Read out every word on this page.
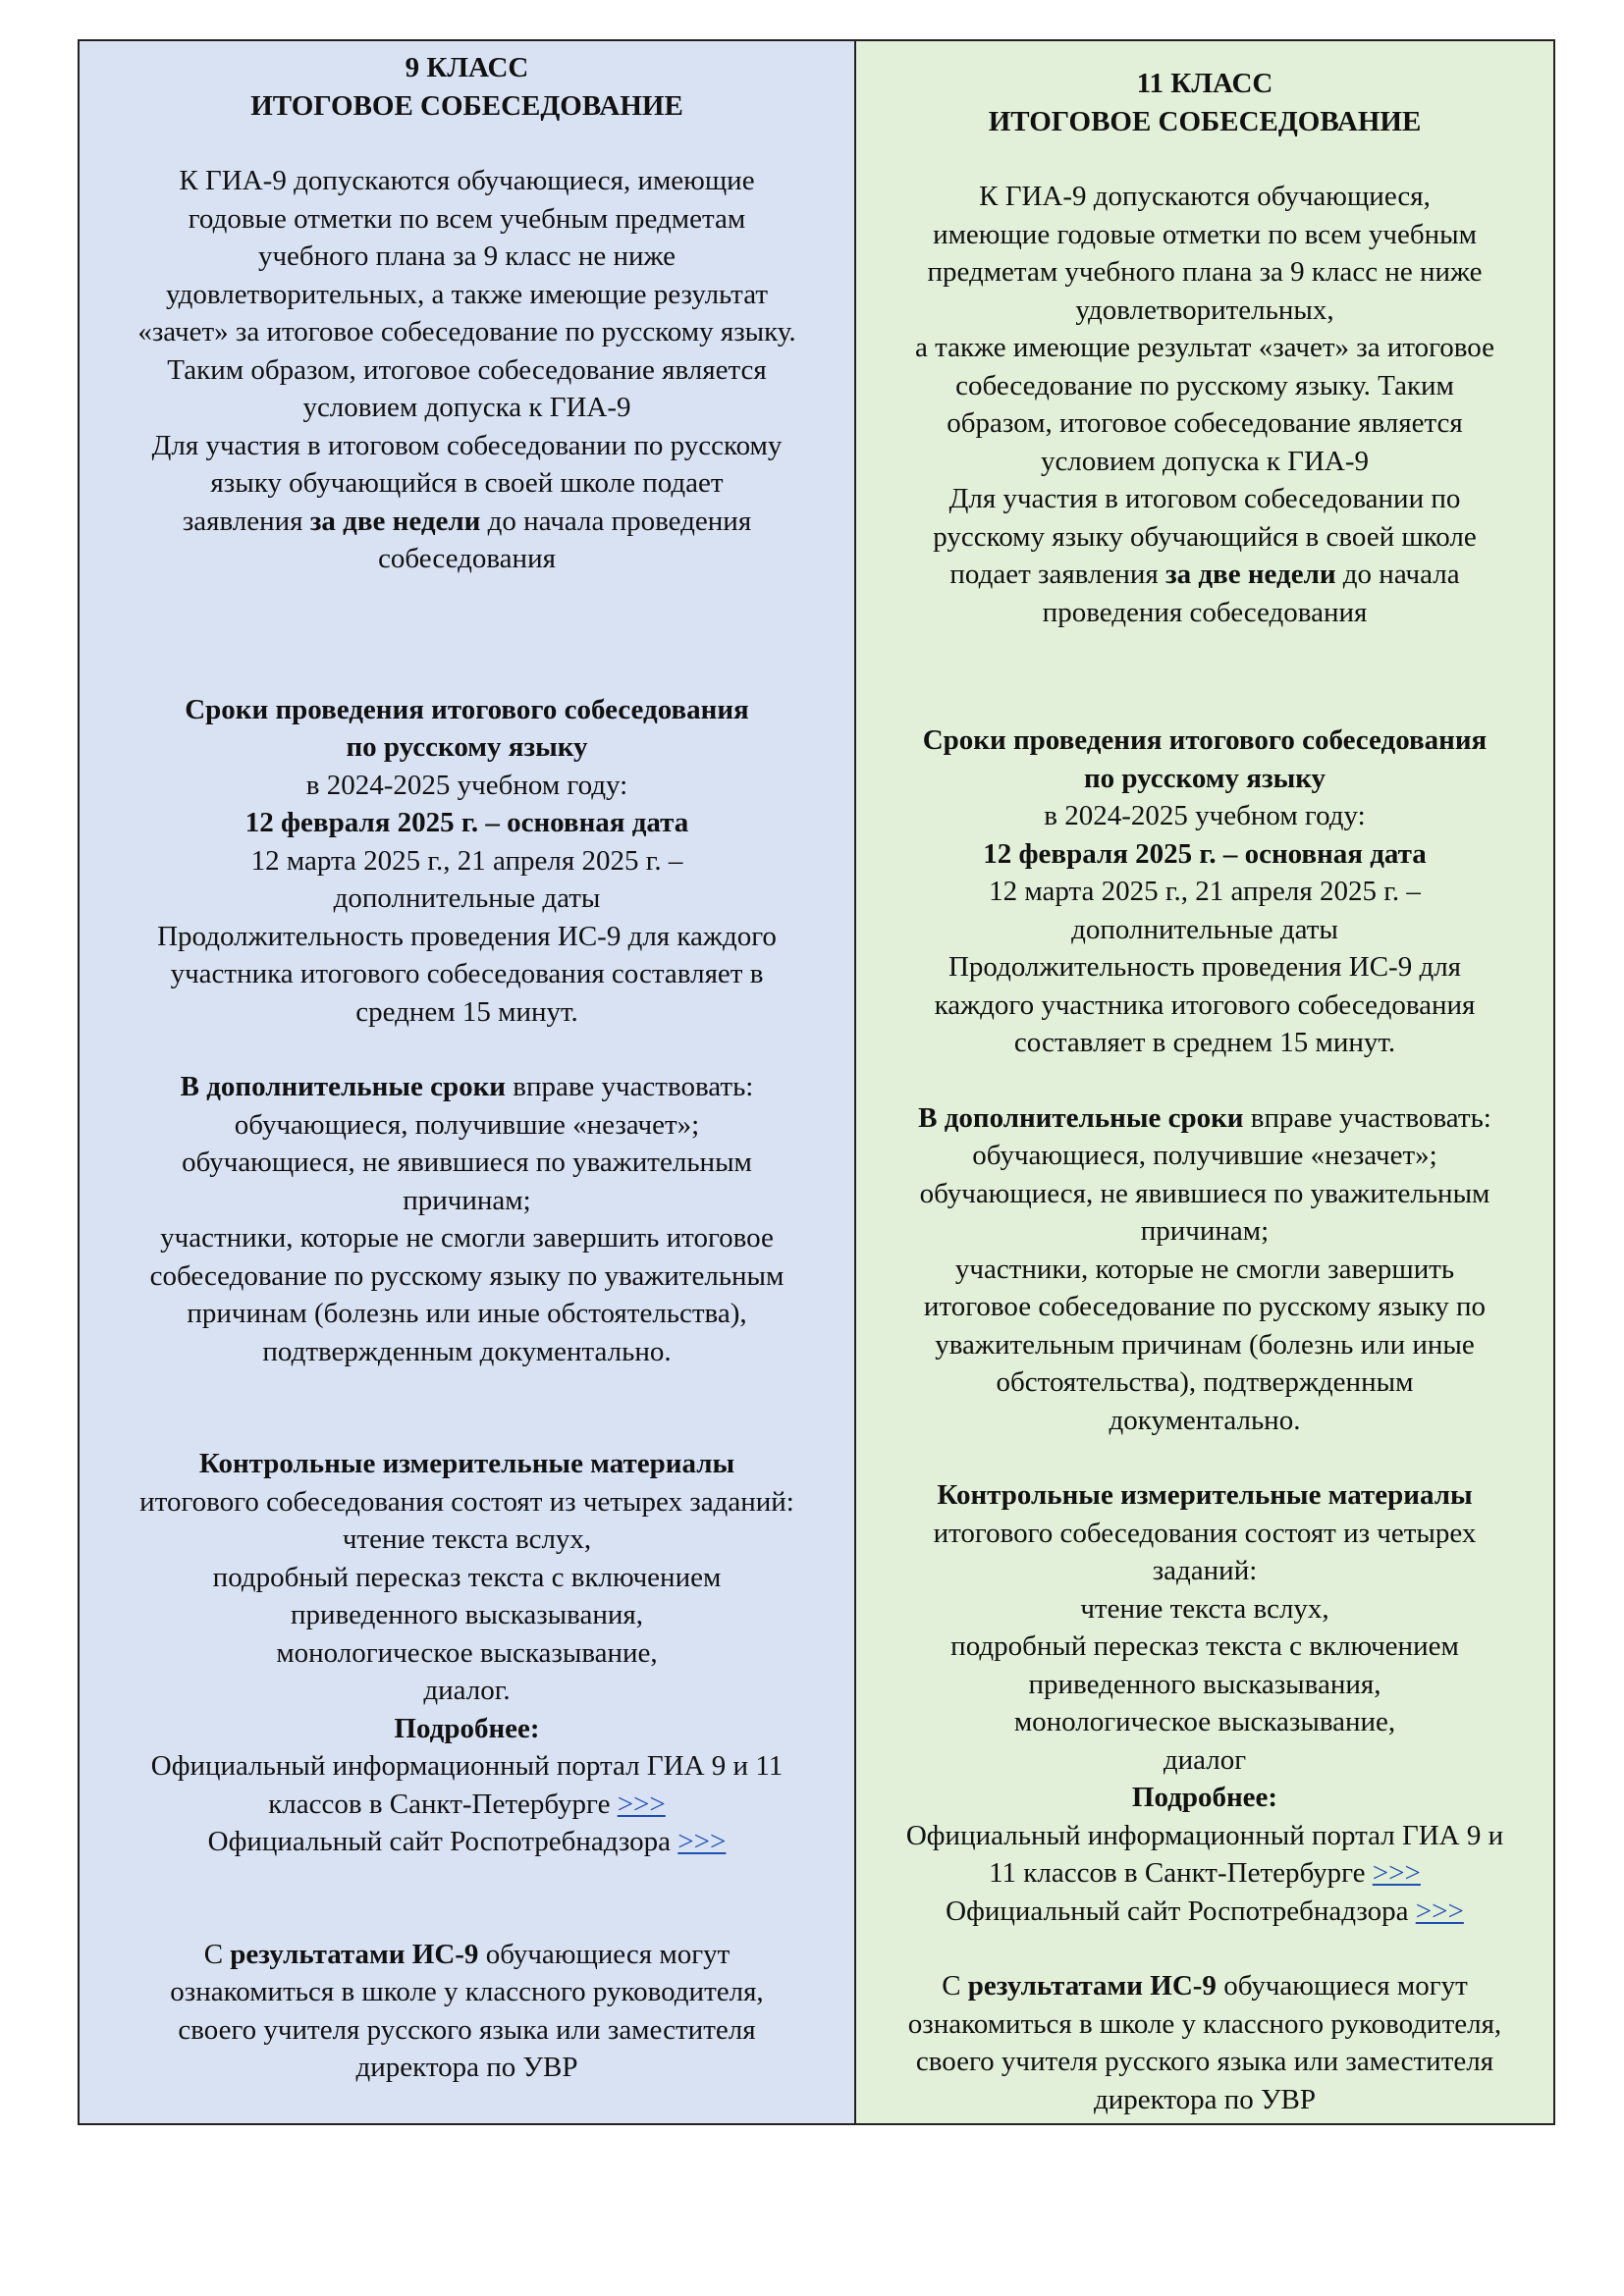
9 КЛАСС

ИТОГОВОЕ СОБЕСЕДОВАНИЕ

К ГИА-9 допускаются обучающиеся, имеющие

годовые отметки по всем учебным предметам

учебного плана за 9 класс не ниже

удовлетворительных, а также имеющие результат

«зачет» за итоговое собеседование по русскому языку.

Таким образом, итоговое собеседование является

условием допуска к ГИА-9

Для участия в итоговом собеседовании по русскому

языку обучающийся в своей школе подает

заявления за две недели до начала проведения

собеседования

Сроки проведения итогового собеседования

по русскому языку

в 2024-2025 учебном году:

12 февраля 2025 г. – основная дата

12 марта 2025 г., 21 апреля 2025 г. –

дополнительные даты

Продолжительность проведения ИС-9 для каждого

участника итогового собеседования составляет в

среднем 15 минут.

В дополнительные сроки вправе участвовать:

обучающиеся, получившие «незачет»;

обучающиеся, не явившиеся по уважительным

причинам;

участники, которые не смогли завершить итоговое

собеседование по русскому языку по уважительным

причинам (болезнь или иные обстоятельства),

подтвержденным документально.

Контрольные измерительные материалы

итогового собеседования состоят из четырех заданий:

чтение текста вслух,

подробный пересказ текста с включением

приведенного высказывания,

монологическое высказывание,

диалог.

Подробнее:

Официальный информационный портал ГИА 9 и 11

классов в Санкт-Петербурге >>>

Официальный сайт Роспотребнадзора >>>

С результатами ИС-9 обучающиеся могут

ознакомиться в школе у классного руководителя,

своего учителя русского языка или заместителя

директора по УВР

11 КЛАСС

ИТОГОВОЕ СОБЕСЕДОВАНИЕ

К ГИА-9 допускаются обучающиеся,

имеющие годовые отметки по всем учебным

предметам учебного плана за 9 класс не ниже

удовлетворительных,

а также имеющие результат «зачет» за итоговое

собеседование по русскому языку. Таким

образом, итоговое собеседование является

условием допуска к ГИА-9

Для участия в итоговом собеседовании по

русскому языку обучающийся в своей школе

подает заявления за две недели до начала

проведения собеседования

Сроки проведения итогового собеседования

по русскому языку

в 2024-2025 учебном году:

12 февраля 2025 г. – основная дата

12 марта 2025 г., 21 апреля 2025 г. –

дополнительные даты

Продолжительность проведения ИС-9 для

каждого участника итогового собеседования

составляет в среднем 15 минут.

В дополнительные сроки вправе участвовать:

обучающиеся, получившие «незачет»;

обучающиеся, не явившиеся по уважительным

причинам;

участники, которые не смогли завершить

итоговое собеседование по русскому языку по

уважительным причинам (болезнь или иные

обстоятельства), подтвержденным

документально.

Контрольные измерительные материалы

итогового собеседования состоят из четырех

заданий:

чтение текста вслух,

подробный пересказ текста с включением

приведенного высказывания,

монологическое высказывание,

диалог

Подробнее:

Официальный информационный портал ГИА 9 и

11 классов в Санкт-Петербурге >>>

Официальный сайт Роспотребнадзора >>>

С результатами ИС-9 обучающиеся могут

ознакомиться в школе у классного руководителя,

своего учителя русского языка или заместителя

директора по УВР
